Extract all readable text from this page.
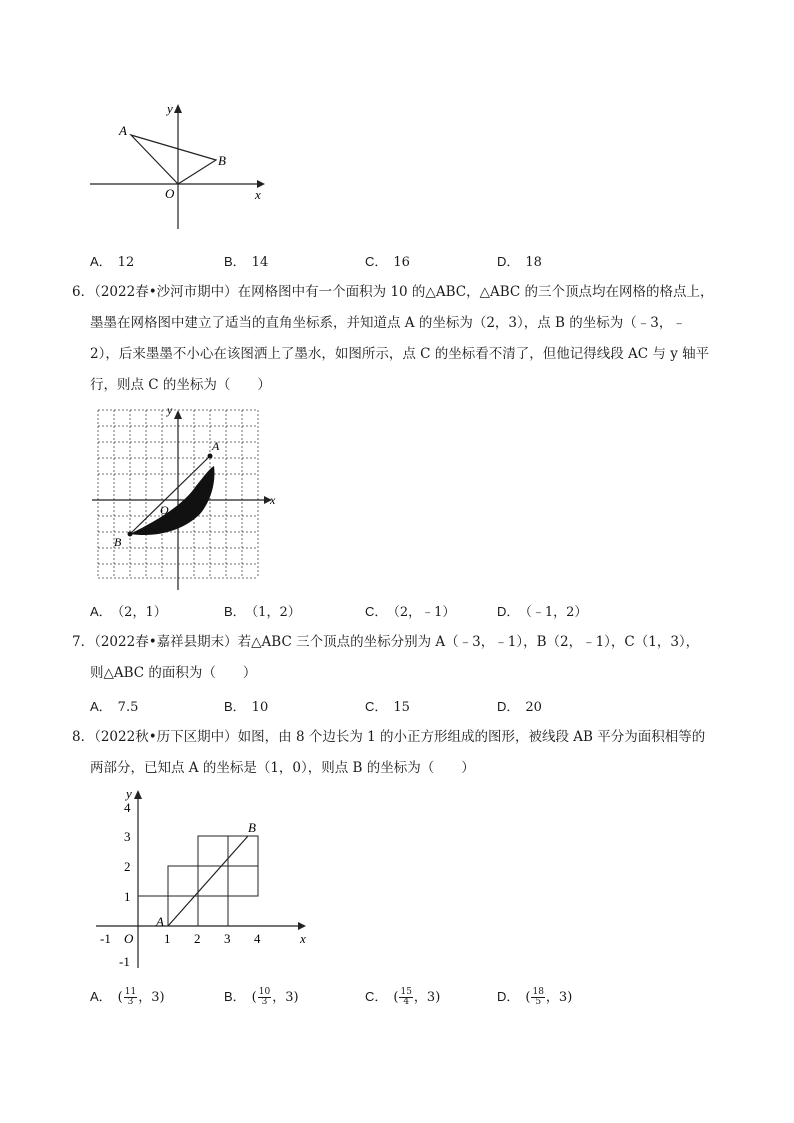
A
B
O	x
y
A． 12	B． 14	C． 16	D． 18
6．（2022春•沙河市期中）在网格图中有一个面积为 10 的△ABC，△ABC 的三个顶点均在网格的格点上，
墨墨在网格图中建立了适当的直角坐标系，并知道点 A 的坐标为（2，3），点 B 的坐标为（﹣3，﹣
2），后来墨墨不小心在该图洒上了墨水，如图所示，点 C 的坐标看不清了，但他记得线段 AC 与 y 轴平
行，则点 C 的坐标为（　　）
A
B
O
x
y
A． （2，1）	B． （1，2）	C． （2，﹣1）	D． （﹣1，2）
7．（2022春•嘉祥县期末）若△ABC 三个顶点的坐标分别为 A（﹣3，﹣1），B（2，﹣1），C（1，3），
则△ABC 的面积为（　　）
A． 7.5	B． 10	C． 15	D． 20
8．（2022秋•历下区期中）如图，由 8 个边长为 1 的小正方形组成的图形，被线段 AB 平分为面积相等的
两部分，已知点 A 的坐标是（1，0），则点 B 的坐标为（　　）
A
B
O	x
y
-1	1 2 3 4
4
3
2
1
-1
A． ( $\frac{11}{3}$ ，3)	B． ( $\frac{10}{3}$ ，3)	C． ( $\frac{15}{4}$ ，3)	D． ( $\frac{18}{5}$ ，3)
